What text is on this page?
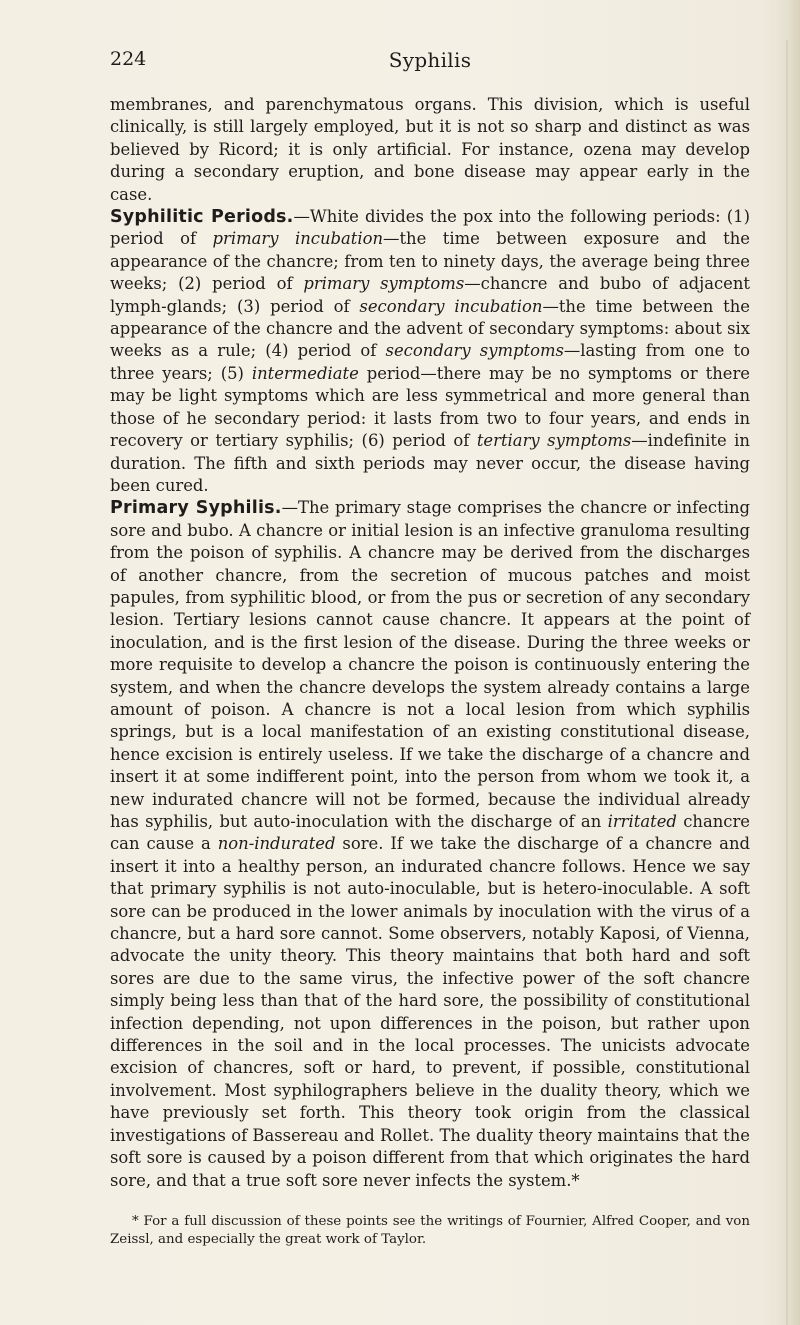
224	Syphilis

membranes, and parenchymatous organs. This division, which is useful clinically, is still largely employed, but it is not so sharp and distinct as was believed by Ricord; it is only artificial. For instance, ozena may develop during a secondary eruption, and bone disease may appear early in the case.

Syphilitic Periods.—White divides the pox into the following periods: (1) period of primary incubation—the time between exposure and the appearance of the chancre; from ten to ninety days, the average being three weeks; (2) period of primary symptoms—chancre and bubo of adjacent lymph-glands; (3) period of secondary incubation—the time between the appearance of the chancre and the advent of secondary symptoms: about six weeks as a rule; (4) period of secondary symptoms—lasting from one to three years; (5) intermediate period—there may be no symptoms or there may be light symptoms which are less symmetrical and more general than those of he secondary period: it lasts from two to four years, and ends in recovery or tertiary syphilis; (6) period of tertiary symptoms—indefinite in duration. The fifth and sixth periods may never occur, the disease having been cured.

Primary Syphilis.—The primary stage comprises the chancre or infecting sore and bubo. A chancre or initial lesion is an infective granuloma resulting from the poison of syphilis. A chancre may be derived from the discharges of another chancre, from the secretion of mucous patches and moist papules, from syphilitic blood, or from the pus or secretion of any secondary lesion. Tertiary lesions cannot cause chancre. It appears at the point of inoculation, and is the first lesion of the disease. During the three weeks or more requisite to develop a chancre the poison is continuously entering the system, and when the chancre develops the system already contains a large amount of poison. A chancre is not a local lesion from which syphilis springs, but is a local manifestation of an existing constitutional disease, hence excision is entirely useless. If we take the discharge of a chancre and insert it at some indifferent point, into the person from whom we took it, a new indurated chancre will not be formed, because the individual already has syphilis, but auto-inoculation with the discharge of an irritated chancre can cause a non-indurated sore. If we take the discharge of a chancre and insert it into a healthy person, an indurated chancre follows. Hence we say that primary syphilis is not auto-inoculable, but is hetero-inoculable. A soft sore can be produced in the lower animals by inoculation with the virus of a chancre, but a hard sore cannot. Some observers, notably Kaposi, of Vienna, advocate the unity theory. This theory maintains that both hard and soft sores are due to the same virus, the infective power of the soft chancre simply being less than that of the hard sore, the possibility of constitutional infection depending, not upon differences in the poison, but rather upon differences in the soil and in the local processes. The unicists advocate excision of chancres, soft or hard, to prevent, if possible, constitutional involvement. Most syphilographers believe in the duality theory, which we have previously set forth. This theory took origin from the classical investigations of Bassereau and Rollet. The duality theory maintains that the soft sore is caused by a poison different from that which originates the hard sore, and that a true soft sore never infects the system.*

* For a full discussion of these points see the writings of Fournier, Alfred Cooper, and von Zeissl, and especially the great work of Taylor.
